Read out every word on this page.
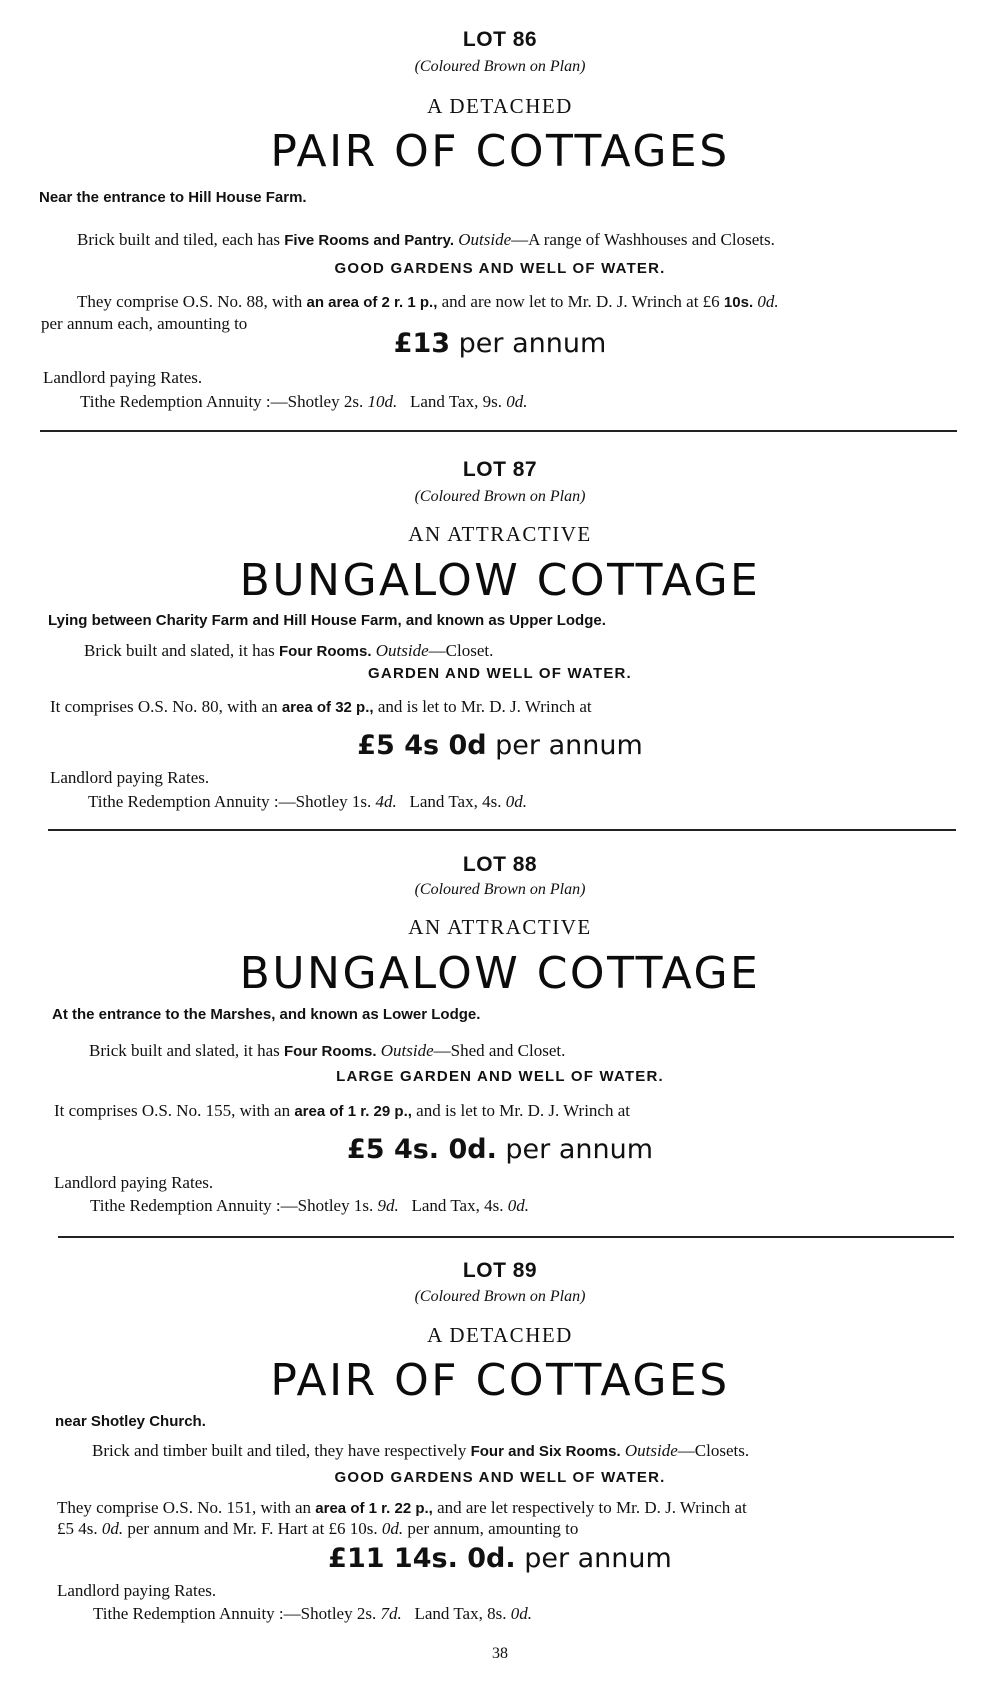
LOT 86
(Coloured Brown on Plan)
A DETACHED
PAIR OF COTTAGES
Near the entrance to Hill House Farm.
Brick built and tiled, each has Five Rooms and Pantry. Outside—A range of Washhouses and Closets.
GOOD GARDENS AND WELL OF WATER.
They comprise O.S. No. 88, with an area of 2 r. 1 p., and are now let to Mr. D. J. Wrinch at £6 10s. 0d.
per annum each, amounting to
£13 per annum
Landlord paying Rates.
Tithe Redemption Annuity :—Shotley 2s. 10d.   Land Tax, 9s. 0d.
LOT 87
(Coloured Brown on Plan)
AN ATTRACTIVE
BUNGALOW COTTAGE
Lying between Charity Farm and Hill House Farm, and known as Upper Lodge.
Brick built and slated, it has Four Rooms. Outside—Closet.
GARDEN AND WELL OF WATER.
It comprises O.S. No. 80, with an area of 32 p., and is let to Mr. D. J. Wrinch at
£5 4s 0d per annum
Landlord paying Rates.
Tithe Redemption Annuity :—Shotley 1s. 4d.   Land Tax, 4s. 0d.
LOT 88
(Coloured Brown on Plan)
AN ATTRACTIVE
BUNGALOW COTTAGE
At the entrance to the Marshes, and known as Lower Lodge.
Brick built and slated, it has Four Rooms. Outside—Shed and Closet.
LARGE GARDEN AND WELL OF WATER.
It comprises O.S. No. 155, with an area of 1 r. 29 p., and is let to Mr. D. J. Wrinch at
£5 4s. 0d. per annum
Landlord paying Rates.
Tithe Redemption Annuity :—Shotley 1s. 9d.   Land Tax, 4s. 0d.
LOT 89
(Coloured Brown on Plan)
A DETACHED
PAIR OF COTTAGES
near Shotley Church.
Brick and timber built and tiled, they have respectively Four and Six Rooms. Outside—Closets.
GOOD GARDENS AND WELL OF WATER.
They comprise O.S. No. 151, with an area of 1 r. 22 p., and are let respectively to Mr. D. J. Wrinch at
£5 4s. 0d. per annum and Mr. F. Hart at £6 10s. 0d. per annum, amounting to
£11 14s. 0d. per annum
Landlord paying Rates.
Tithe Redemption Annuity :—Shotley 2s. 7d.   Land Tax, 8s. 0d.
38
